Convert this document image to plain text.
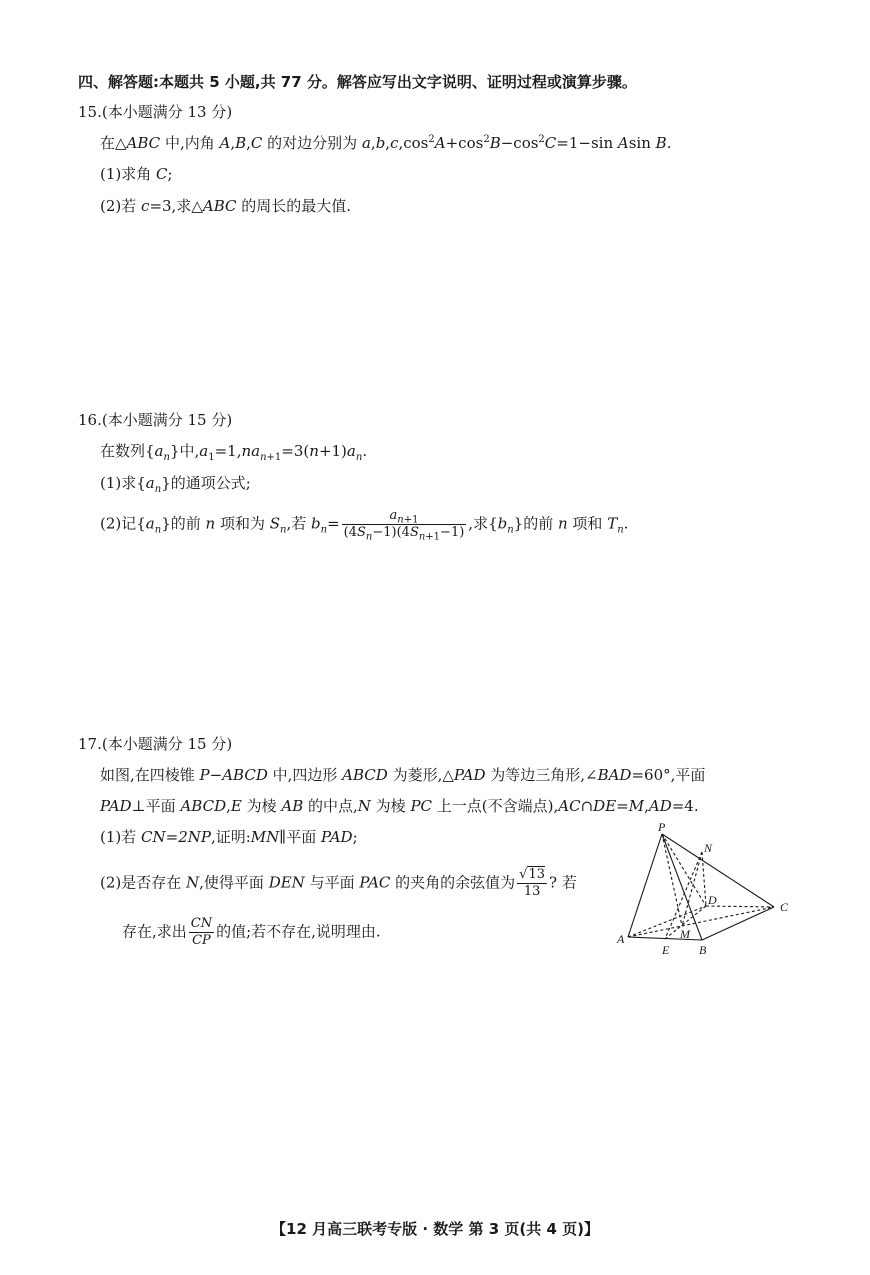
四、解答题:本题共 5 小题,共 77 分。解答应写出文字说明、证明过程或演算步骤。
15.(本小题满分 13 分)
在△ABC 中,内角 A,B,C 的对边分别为 $a,b,c,\cos^2A+\cos^2B-\cos^2C=1-\sin$ Asin B.
(1)求角 C;
(2)若 c=3,求△ABC 的周长的最大值.
16.(本小题满分 15 分)
在数列$\{a_n\}$中$,a_1=1,na_{n+1}=3(n+1)a_n$.
(1)求$\{a_n\}$的通项公式;
(2)记$\{a_n\}$的前 n 项和为 $S_n$,若 $b_n= \frac{a_{n+1}}{(4S_n-1)(4S_{n+1}-1)}$ ,求$\{b_n\}$的前 n 项和 $T_n$.
17.(本小题满分 15 分)
如图,在四棱锥 P−ABCD 中,四边形 ABCD 为菱形,△PAD 为等边三角形,∠BAD=60°,平面
PAD⊥平面 ABCD,E 为棱 AB 的中点,N 为棱 PC 上一点(不含端点),AC∩DE=M,AD=4.
(1)若 CN=2NP,证明:MN∥平面 PAD;
(2)是否存在 N,使得平面 DEN 与平面 PAC 的夹角的余弦值为 $\frac{√13}{13}$ ? 若
存在,求出 $\frac{CN}{CP}$ 的值;若不存在,说明理由.
P
N
D	C
A	M
E B
【12 月高三联考专版 · 数学 第 3 页(共 4 页)】
